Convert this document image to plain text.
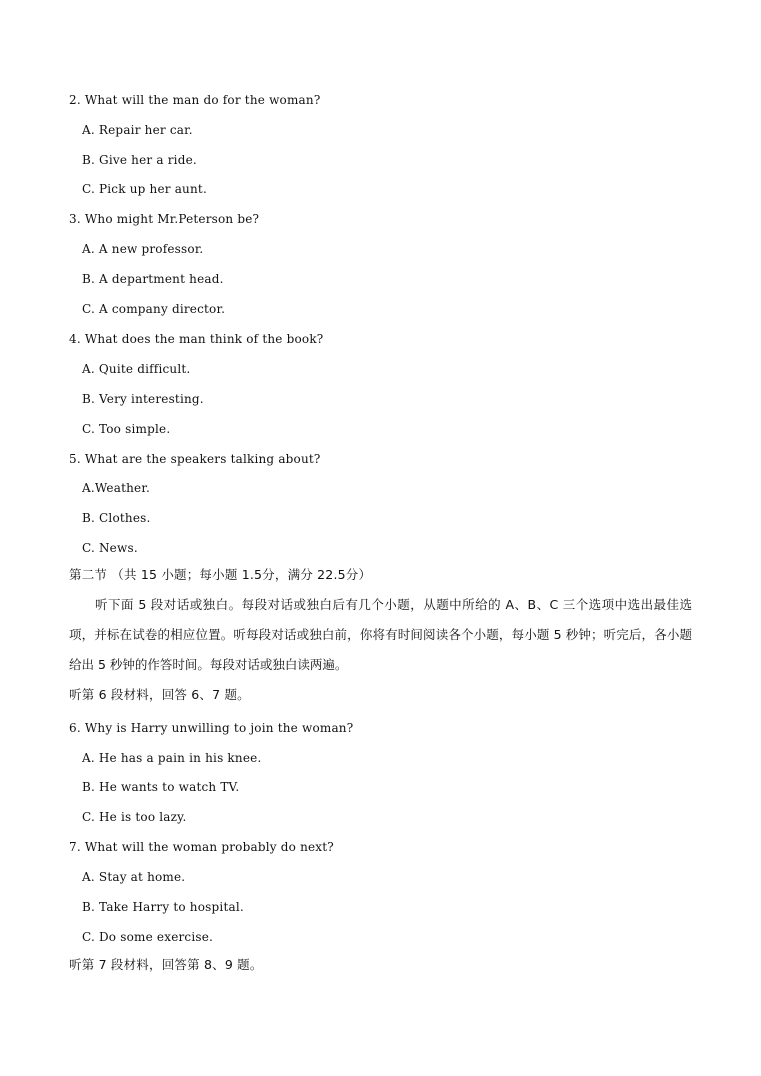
2. What will the man do for the woman?
A. Repair her car.
B. Give her a ride.
C. Pick up her aunt.
3. Who might Mr.Peterson be?
A. A new professor.
B. A department head.
C. A company director.
4. What does the man think of the book?
A. Quite difficult.
B. Very interesting.
C. Too simple.
5. What are the speakers talking about?
A.Weather.
B. Clothes.
C. News.
第二节 （共 15 小题；每小题 1.5分，满分 22.5分）

听下面 5 段对话或独白。每段对话或独白后有几个小题，从题中所给的 A、B、C 三个选项中选出最佳选项，并标在试卷的相应位置。听每段对话或独白前，你将有时间阅读各个小题，每小题 5 秒钟；听完后，各小题给出 5 秒钟的作答时间。每段对话或独白读两遍。

听第 6 段材料，回答 6、7 题。
6. Why is Harry unwilling to join the woman?
A. He has a pain in his knee.
B. He wants to watch TV.
C. He is too lazy.
7. What will the woman probably do next?
A. Stay at home.
B. Take Harry to hospital.
C. Do some exercise.
听第 7 段材料，回答第 8、9 题。
